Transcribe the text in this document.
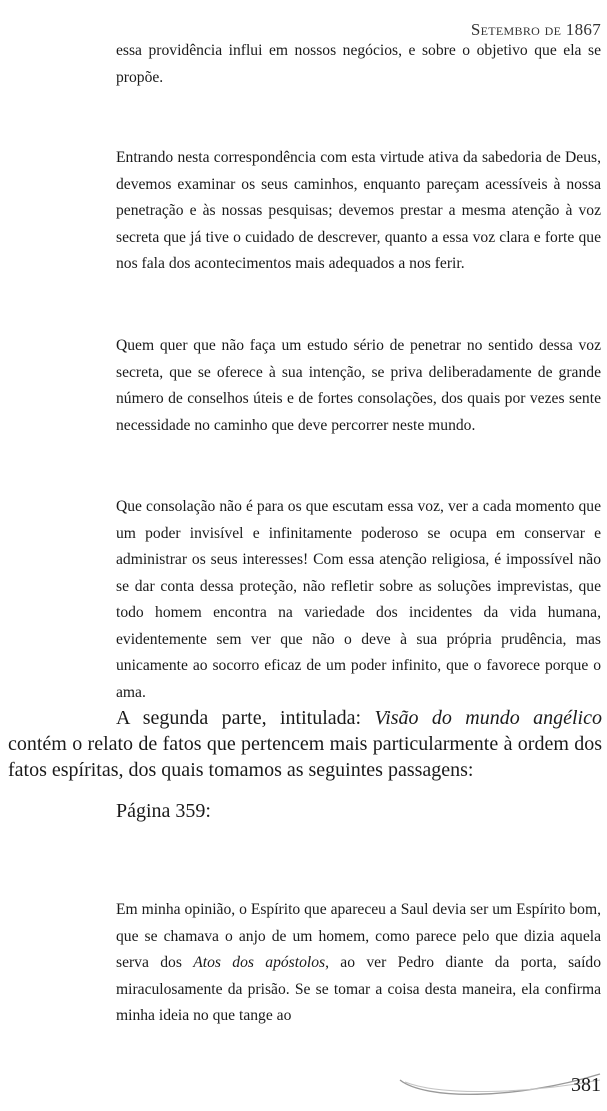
Setembro de 1867

essa providência influi em nossos negócios, e sobre o objetivo que ela se propõe.

Entrando nesta correspondência com esta virtude ativa da sabedoria de Deus, devemos examinar os seus caminhos, enquanto pareçam acessíveis à nossa penetração e às nossas pesquisas; devemos prestar a mesma atenção à voz secreta que já tive o cuidado de descrever, quanto a essa voz clara e forte que nos fala dos acontecimentos mais adequados a nos ferir.

Quem quer que não faça um estudo sério de penetrar no sentido dessa voz secreta, que se oferece à sua intenção, se priva deliberadamente de grande número de conselhos úteis e de fortes consolações, dos quais por vezes sente necessidade no caminho que deve percorrer neste mundo.

Que consolação não é para os que escutam essa voz, ver a cada momento que um poder invisível e infinitamente poderoso se ocupa em conservar e administrar os seus interesses! Com essa atenção religiosa, é impossível não se dar conta dessa proteção, não refletir sobre as soluções imprevistas, que todo homem encontra na variedade dos incidentes da vida humana, evidentemente sem ver que não o deve à sua própria prudência, mas unicamente ao socorro eficaz de um poder infinito, que o favorece porque o ama.

A segunda parte, intitulada: Visão do mundo angélico contém o relato de fatos que pertencem mais particularmente à ordem dos fatos espíritas, dos quais tomamos as seguintes passagens:

Página 359:

Em minha opinião, o Espírito que apareceu a Saul devia ser um Espírito bom, que se chamava o anjo de um homem, como parece pelo que dizia aquela serva dos Atos dos apóstolos, ao ver Pedro diante da porta, saído miraculosamente da prisão. Se se tomar a coisa desta maneira, ela confirma minha ideia no que tange ao

381
